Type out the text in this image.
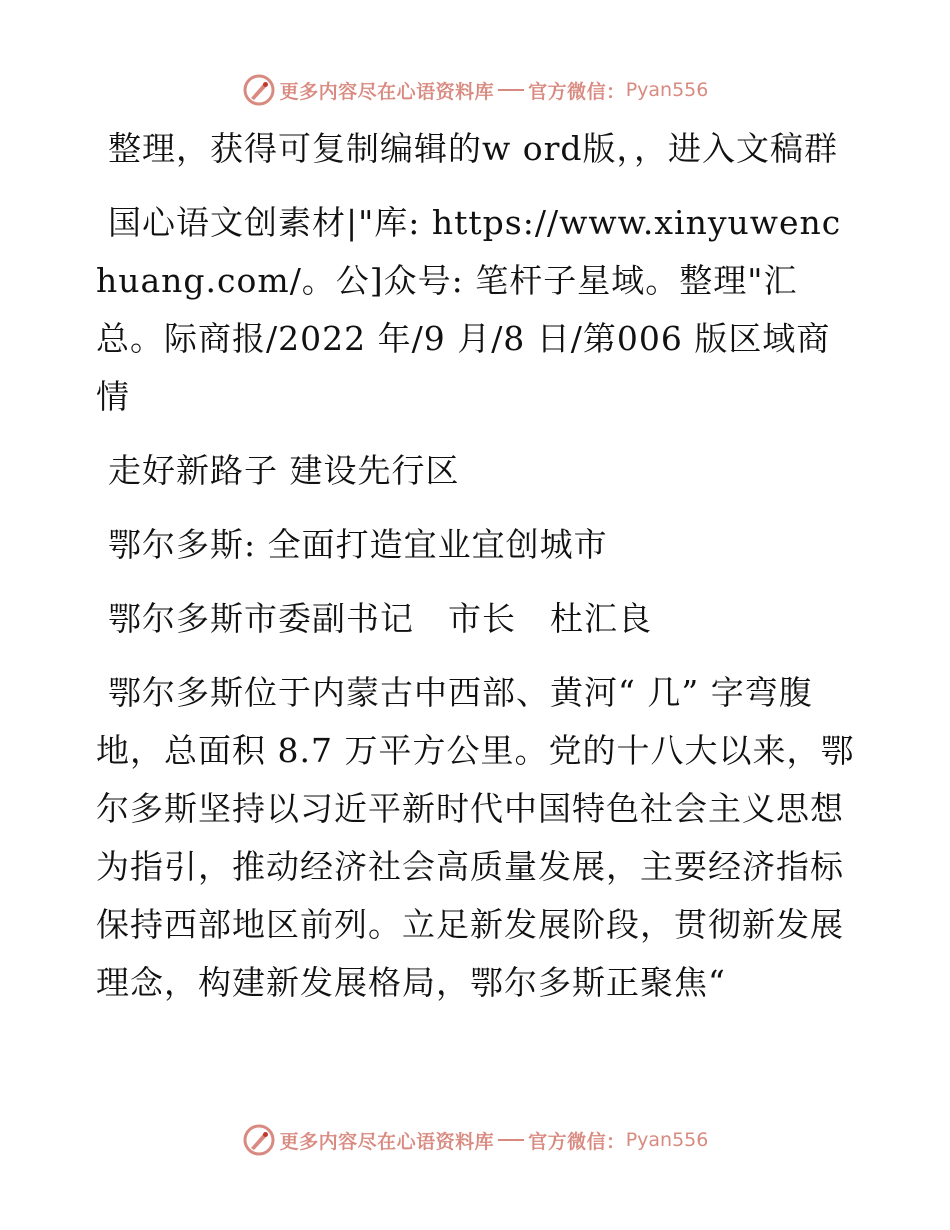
更多内容尽在心语资料库 官方微信： Pyan556

整理，获得可复制编辑的w ord版，，进入文稿群

国心语文创素材|"库: https://www.xinyuwenchuang.com/。公]众号: 笔杆子星域。整理"汇总。际商报/2022 年/9 月/8 日/第006 版区域商情

走好新路子 建设先行区

鄂尔多斯: 全面打造宜业宜创城市

鄂尔多斯市委副书记　市长　杜汇良

鄂尔多斯位于内蒙古中西部、黄河“ 几” 字弯腹地，总面积 8.7 万平方公里。党的十八大以来，鄂尔多斯坚持以习近平新时代中国特色社会主义思想为指引，推动经济社会高质量发展，主要经济指标保持西部地区前列。立足新发展阶段，贯彻新发展理念，构建新发展格局，鄂尔多斯正聚焦“

更多内容尽在心语资料库 官方微信： Pyan556
